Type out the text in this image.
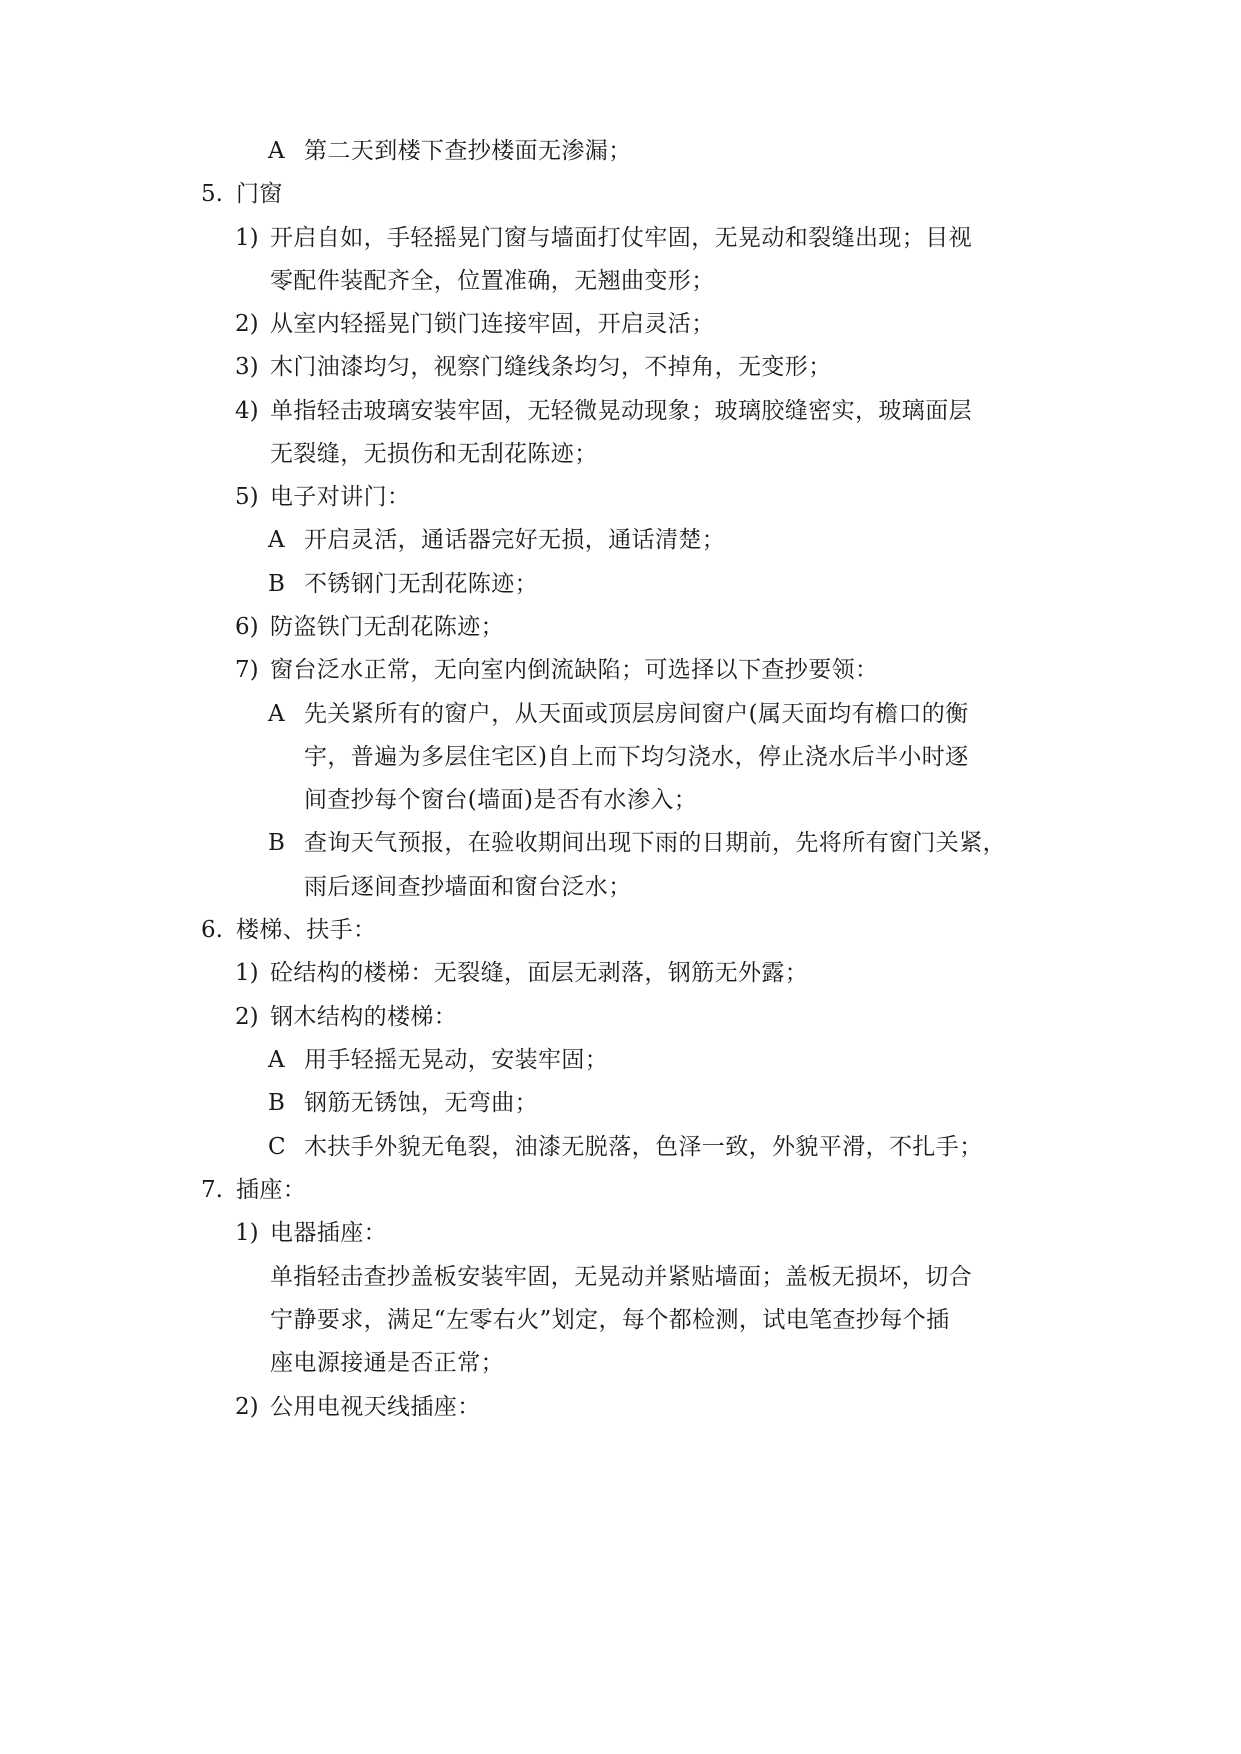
A 第二天到楼下查抄楼面无渗漏；
5. 门窗
1) 开启自如，手轻摇晃门窗与墙面打仗牢固，无晃动和裂缝出现；目视
零配件装配齐全，位置准确，无翘曲变形；
2) 从室内轻摇晃门锁门连接牢固，开启灵活；
3) 木门油漆均匀，视察门缝线条均匀，不掉角，无变形；
4) 单指轻击玻璃安装牢固，无轻微晃动现象；玻璃胶缝密实，玻璃面层
无裂缝，无损伤和无刮花陈迹；
5) 电子对讲门：
A 开启灵活，通话器完好无损，通话清楚；
B 不锈钢门无刮花陈迹；
6) 防盗铁门无刮花陈迹；
7) 窗台泛水正常，无向室内倒流缺陷；可选择以下查抄要领：
A 先关紧所有的窗户，从天面或顶层房间窗户(属天面均有檐口的衡
宇，普遍为多层住宅区)自上而下均匀浇水，停止浇水后半小时逐
间查抄每个窗台(墙面)是否有水渗入；
B 查询天气预报，在验收期间出现下雨的日期前，先将所有窗门关紧，
雨后逐间查抄墙面和窗台泛水；
6. 楼梯、扶手：
1) 砼结构的楼梯：无裂缝，面层无剥落，钢筋无外露；
2) 钢木结构的楼梯：
A 用手轻摇无晃动，安装牢固；
B 钢筋无锈蚀，无弯曲；
C 木扶手外貌无龟裂，油漆无脱落，色泽一致，外貌平滑，不扎手；
7. 插座：
1) 电器插座：
单指轻击查抄盖板安装牢固，无晃动并紧贴墙面；盖板无损坏，切合
宁静要求，满足“左零右火”划定，每个都检测，试电笔查抄每个插
座电源接通是否正常；
2) 公用电视天线插座：
